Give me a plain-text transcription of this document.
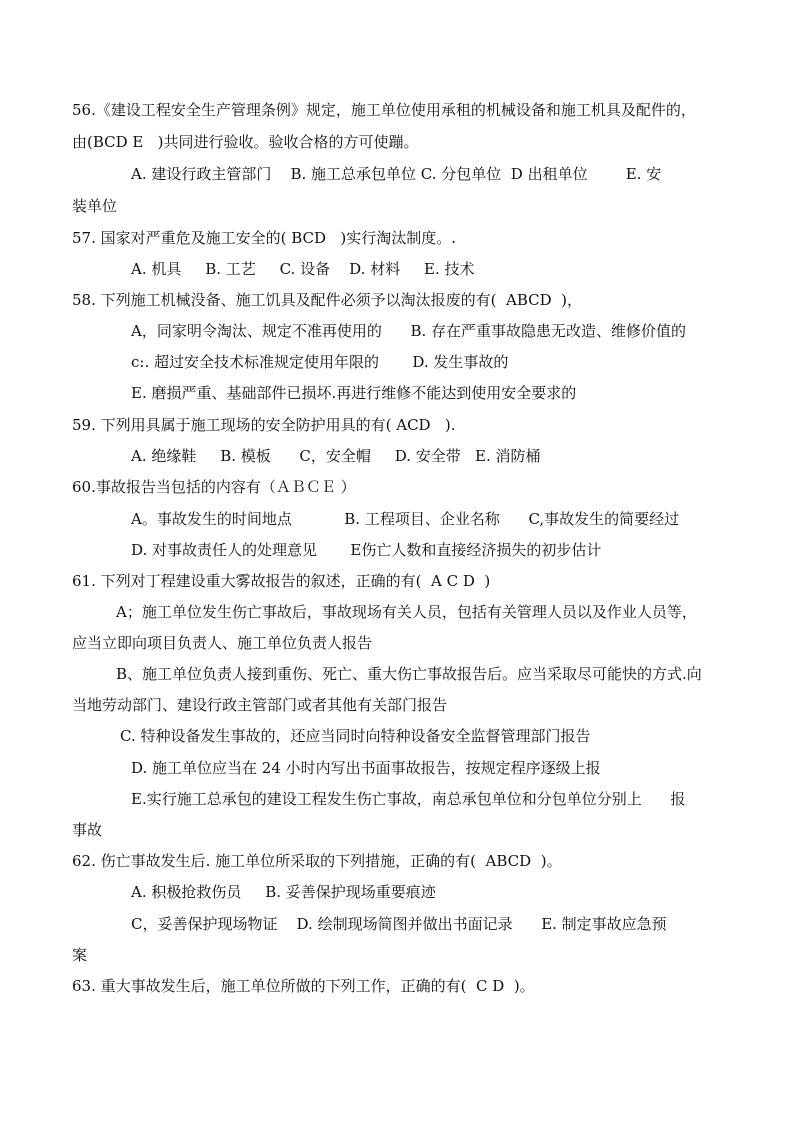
56.《建设工程安全生产管理条例》规定，施工单位使用承租的机械设备和施工机具及配件的，
由(BCD E   )共同进行验收。验收合格的方可使蹦。
A. 建设行政主管部门    B. 施工总承包单位 C. 分包单位  D 出租单位        E. 安
装单位
57. 国家对严重危及施工安全的( BCD   )实行淘汰制度。.
A. 机具     B. 工艺     C. 设备    D. 材料     E. 技术
58. 下列施工机械没备、施工饥具及配件必须予以淘汰报废的有(  ABCD  )，
A，同家明令淘汰、规定不准再使用的      B. 存在严重事故隐患无改造、维修价值的
c:. 超过安全技术标准规定使用年限的       D. 发生事故的
E. 磨损严重、基础部件已损坏.再进行维修不能达到使用安全要求的
59. 下列用具属于施工现场的安全防护用具的有( ACD   ).
A. 绝缘鞋     B. 模板      C，安全帽     D. 安全带   E. 消防桶
60.事故报告当包括的内容有（ＡＢＣＥ ）
A。事故发生的时间地点           B. 工程项目、企业名称      C,事故发生的简要经过
D. 对事故责任人的处理意见       E伤亡人数和直接经济损失的初步估计
61. 下列对丁程建设重大雾故报告的叙述，正确的有(  A C D  )
A；施工单位发生伤亡事故后，事故现场有关人员，包括有关管理人员以及作业人员等，
应当立即向项目负责人、施工单位负责人报告
B、施工单位负责人接到重伤、死亡、重大伤亡事故报告后。应当采取尽可能快的方式.向
当地劳动部门、建设行政主管部门或者其他有关部门报告
C. 特种设备发生事故的，还应当同时向特种设备安全监督管理部门报告
D. 施工单位应当在 24 小时内写出书面事故报告，按规定程序逐级上报
E.实行施工总承包的建设工程发生伤亡事故，南总承包单位和分包单位分别上      报
事故
62. 伤亡事故发生后. 施工单位所采取的下列措施，正确的有(  ABCD  )。
A. 积极抢救伤员     B. 妥善保护现场重要痕迹
C，妥善保护现场物证    D. 绘制现场简图并做出书面记录      E. 制定事故应急预
案
63. 重大事故发生后，施工单位所做的下列工作，正确的有(  C D  )。
